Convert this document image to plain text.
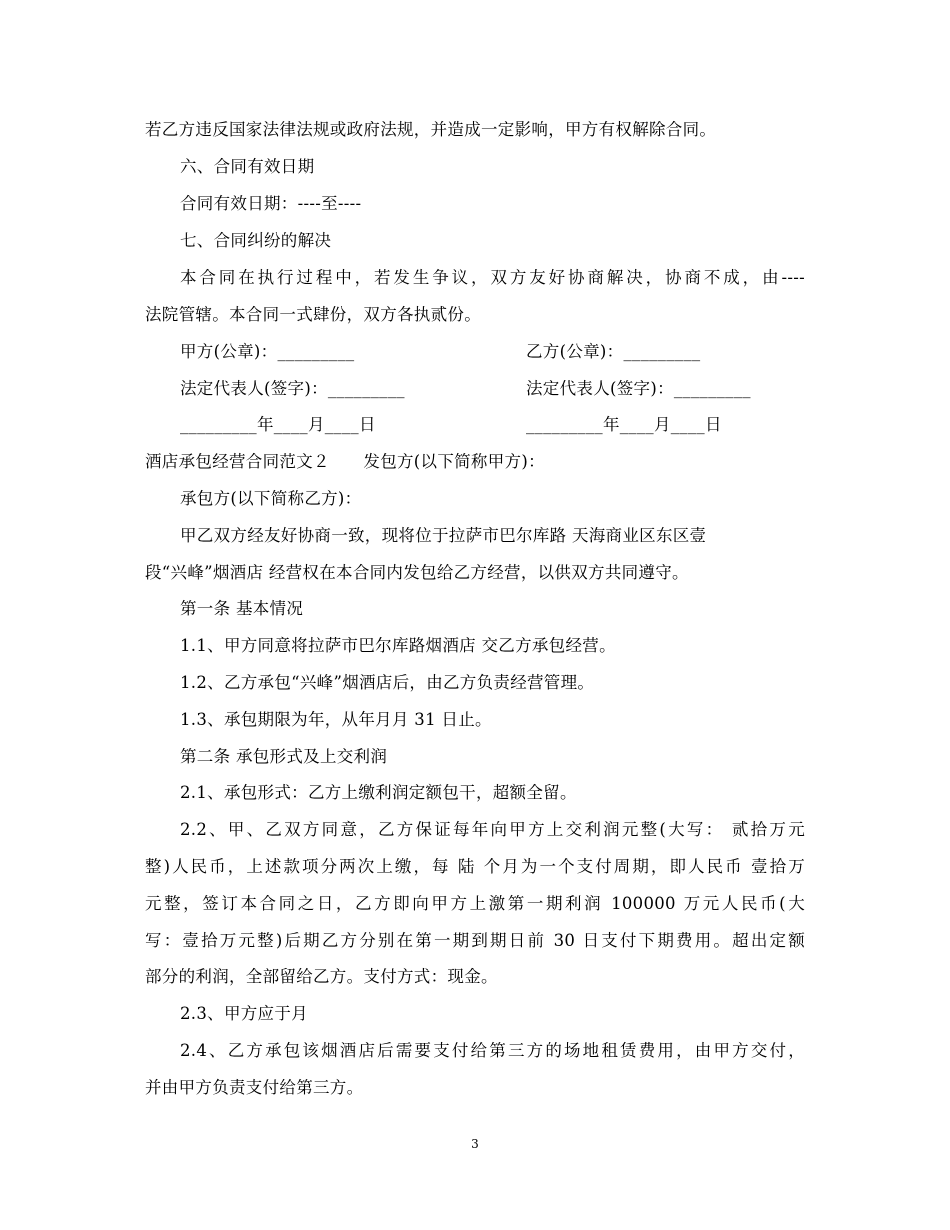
若乙方违反国家法律法规或政府法规，并造成一定影响，甲方有权解除合同。
六、合同有效日期
合同有效日期：----至----
七、合同纠纷的解决
本合同在执行过程中，若发生争议，双方友好协商解决，协商不成，由----
法院管辖。本合同一式肆份，双方各执贰份。
甲方(公章)：_________	乙方(公章)：_________
法定代表人(签字)：_________	法定代表人(签字)：_________
_________年____月____日	_________年____月____日
酒店承包经营合同范文２　　发包方(以下简称甲方)：
承包方(以下简称乙方)：
甲乙双方经友好协商一致，现将位于拉萨市巴尔库路 天海商业区东区壹
段“兴峰”烟酒店 经营权在本合同内发包给乙方经营，以供双方共同遵守。
第一条 基本情况
1.1、甲方同意将拉萨市巴尔库路烟酒店 交乙方承包经营。
1.2、乙方承包“兴峰”烟酒店后，由乙方负责经营管理。
1.3、承包期限为年，从年月月 31 日止。
第二条 承包形式及上交利润
2.1、承包形式：乙方上缴利润定额包干，超额全留。
2.2、甲、乙双方同意，乙方保证每年向甲方上交利润元整(大写： 贰拾万元
整)人民币，上述款项分两次上缴，每 陆 个月为一个支付周期，即人民币 壹拾万
元整，签订本合同之日，乙方即向甲方上激第一期利润 100000 万元人民币(大
写：壹拾万元整)后期乙方分别在第一期到期日前 30 日支付下期费用。超出定额
部分的利润，全部留给乙方。支付方式：现金。
2.3、甲方应于月
2.4、乙方承包该烟酒店后需要支付给第三方的场地租赁费用，由甲方交付，
并由甲方负责支付给第三方。
3
